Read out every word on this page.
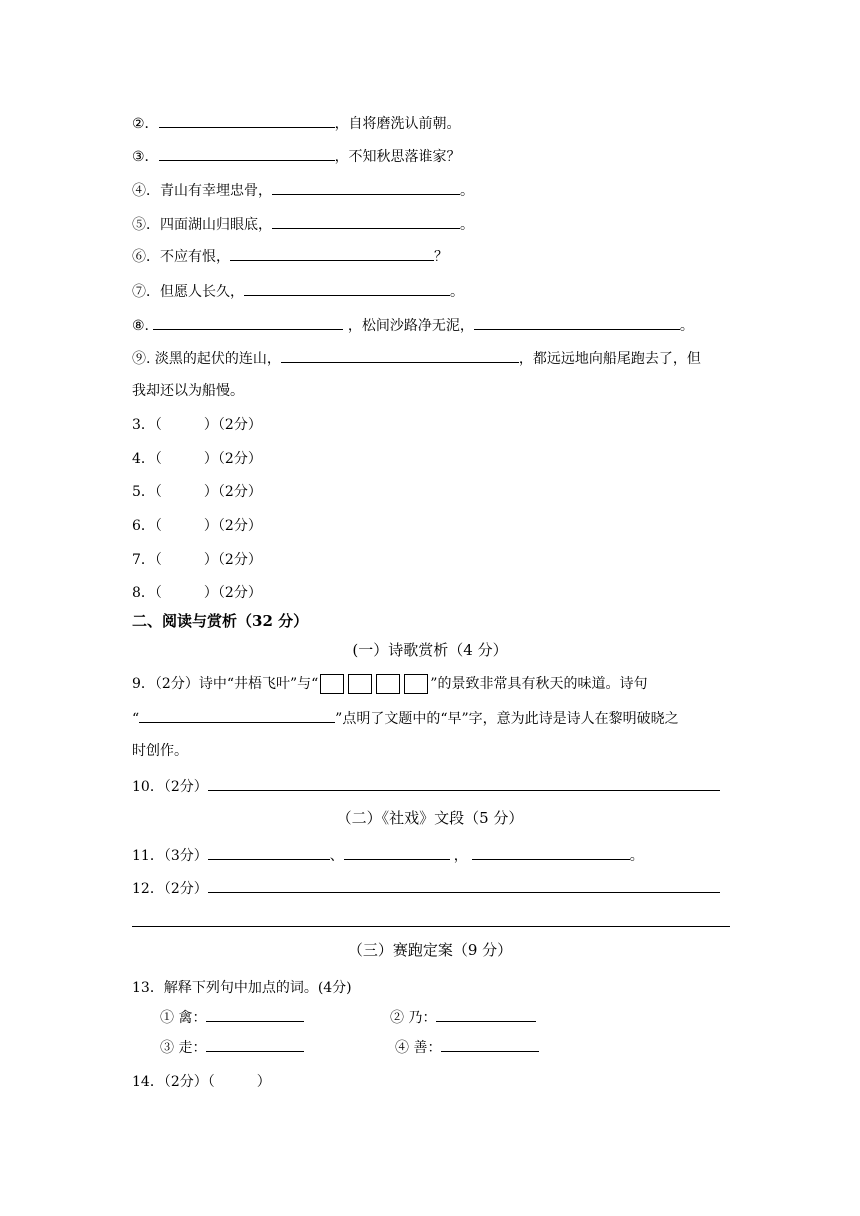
②．	，自将磨洗认前朝。
③．	，不知秋思落谁家？
④．青山有幸埋忠骨，	。
⑤．四面湖山归眼底，	。
⑥．不应有恨，	？
⑦．但愿人长久，	。
⑧.	，松间沙路净无泥，	。
⑨. 淡黑的起伏的连山，	，都远远地向船尾跑去了，但
我却还以为船慢。
3．（　　　）（2分）
4．（　　　）（2分）
5．（　　　）（2分）
6．（　　　）（2分）
7．（　　　）（2分）
8．（　　　）（2分）
二、阅读与赏析（32 分）
(一）诗歌赏析（4 分）
9．（2分）诗中“井梧飞叶”与“	”的景致非常具有秋天的味道。诗句
“	”点明了文题中的“早”字，意为此诗是诗人在黎明破晓之
时创作。
10．（2分）
（二）《社戏》文段（5 分）
11．（3分）	、	，	。
12．（2分）
（三）赛跑定案（9 分）
13．解释下列句中加点的词。(4分)
① 禽：	② 乃：
③ 走：	④ 善：
14．（2分）（　　　）
